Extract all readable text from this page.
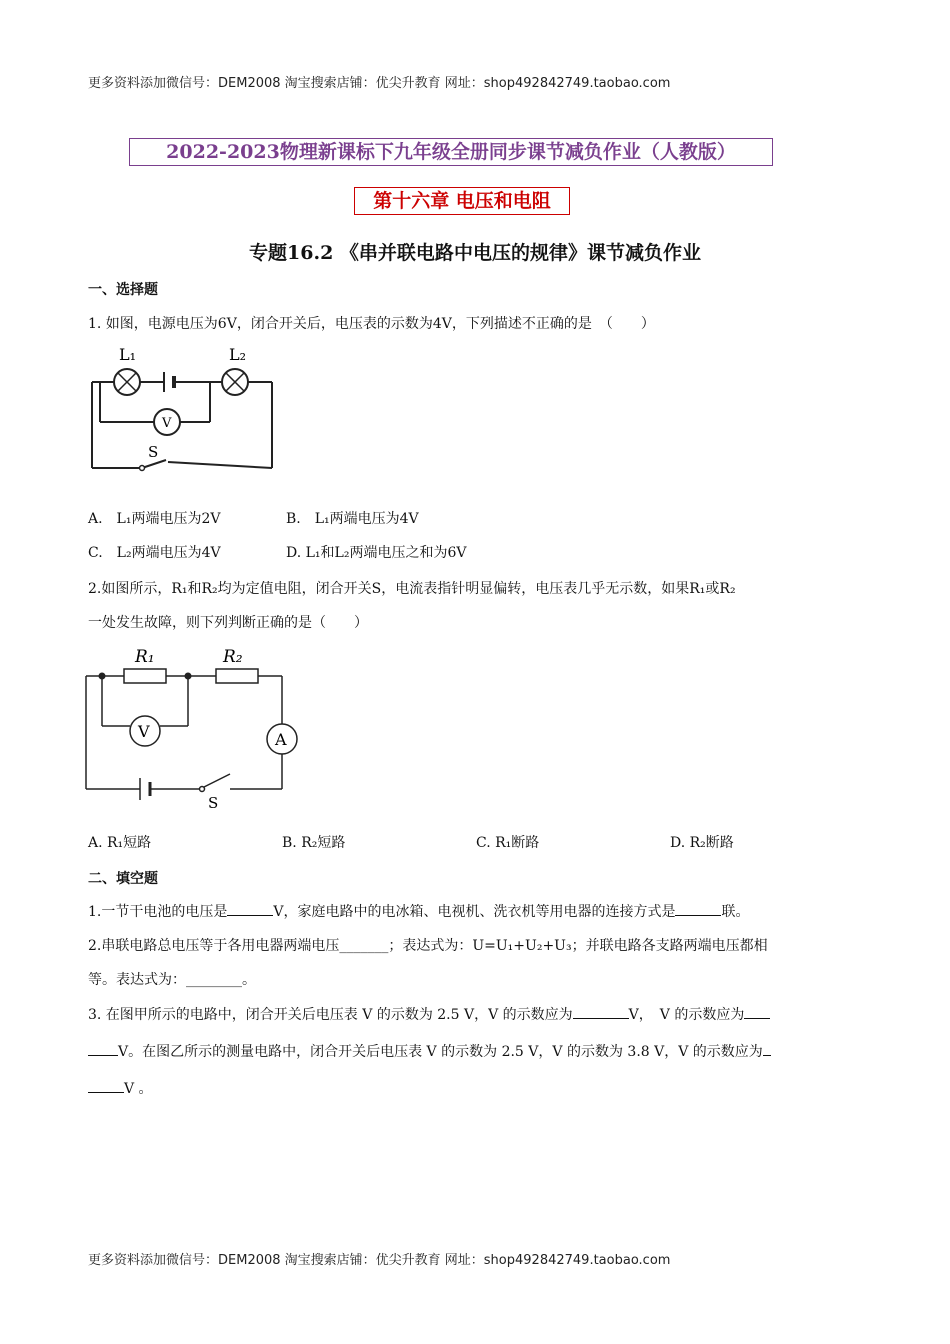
更多资料添加微信号：DEM2008 淘宝搜索店铺：优尖升教育 网址：shop492842749.taobao.com
2022-2023物理新课标下九年级全册同步课节减负作业（人教版）
第十六章 电压和电阻
专题16.2 《串并联电路中电压的规律》课节减负作业
一、选择题
1. 如图，电源电压为6V，闭合开关后，电压表的示数为4V，下列描述不正确的是　（　　）
L₁	L₂
V
S
A.　L₁两端电压为2V	B.　L₁两端电压为4V
C.　L₂两端电压为4V	D. L₁和L₂两端电压之和为6V
2.如图所示，R₁和R₂均为定值电阻，闭合开关S，电流表指针明显偏转，电压表几乎无示数，如果R₁或R₂
一处发生故障，则下列判断正确的是（　　）
R₁	R₂
V	A
S
A. R₁短路	B. R₂短路	C. R₁断路	D. R₂断路
二、填空题
1.一节干电池的电压是	V，家庭电路中的电冰箱、电视机、洗衣机等用电器的连接方式是	联。
2.串联电路总电压等于各用电器两端电压_______；表达式为：U=U₁+U₂+U₃；并联电路各支路两端电压都相
等。表达式为：________。
3. 在图甲所示的电路中，闭合开关后电压表 V 的示数为 2.5 V，V 的示数应为	V，　V 的示数应为
V。在图乙所示的测量电路中，闭合开关后电压表 V 的示数为 2.5 V，V 的示数为 3.8 V，V 的示数应为
V 。
更多资料添加微信号：DEM2008 淘宝搜索店铺：优尖升教育 网址：shop492842749.taobao.com
